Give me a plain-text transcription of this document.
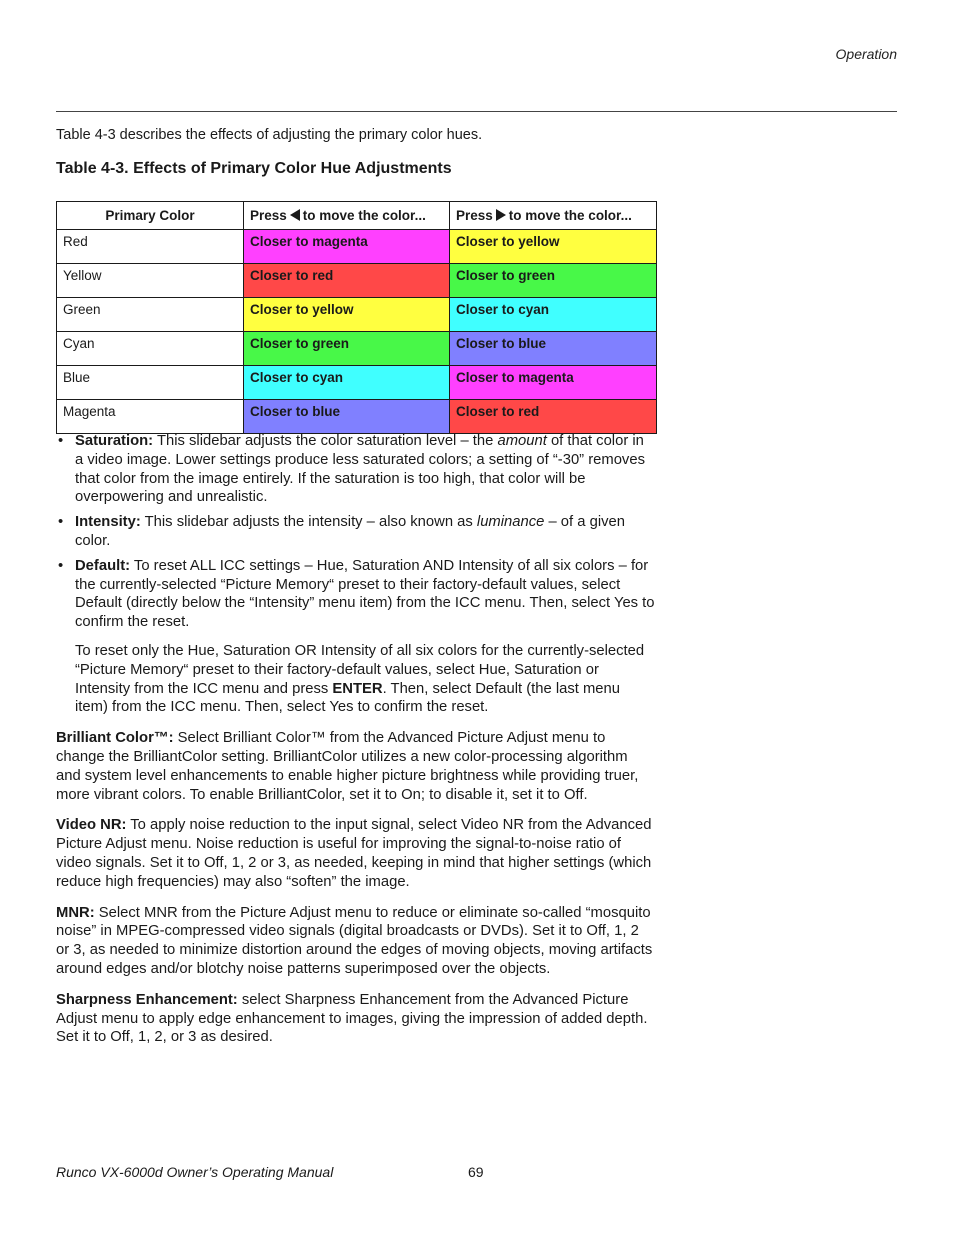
Operation
Table 4-3 describes the effects of adjusting the primary color hues.
Table 4-3. Effects of Primary Color Hue Adjustments
Primary Color	Press to move the color...	Press to move the color...
Red	Closer to magenta	Closer to yellow
Yellow	Closer to red	Closer to green
Green	Closer to yellow	Closer to cyan
Cyan	Closer to green	Closer to blue
Blue	Closer to cyan	Closer to magenta
Magenta	Closer to blue	Closer to red
• Saturation: This slidebar adjusts the color saturation level – the amount of that color in a video image. Lower settings produce less saturated colors; a setting of “-30” removes that color from the image entirely. If the saturation is too high, that color will be overpowering and unrealistic.
• Intensity: This slidebar adjusts the intensity – also known as luminance – of a given color.
• Default: To reset ALL ICC settings – Hue, Saturation AND Intensity of all six colors – for the currently-selected “Picture Memory“ preset to their factory-default values, select Default (directly below the “Intensity” menu item) from the ICC menu. Then, select Yes to confirm the reset.
To reset only the Hue, Saturation OR Intensity of all six colors for the currently-selected “Picture Memory“ preset to their factory-default values, select Hue, Saturation or Intensity from the ICC menu and press ENTER. Then, select Default (the last menu item) from the ICC menu. Then, select Yes to confirm the reset.

Brilliant Color™: Select Brilliant Color™ from the Advanced Picture Adjust menu to change the BrilliantColor setting. BrilliantColor utilizes a new color-processing algorithm and system level enhancements to enable higher picture brightness while providing truer, more vibrant colors. To enable BrilliantColor, set it to On; to disable it, set it to Off.

Video NR: To apply noise reduction to the input signal, select Video NR from the Advanced Picture Adjust menu. Noise reduction is useful for improving the signal-to-noise ratio of video signals. Set it to Off, 1, 2 or 3, as needed, keeping in mind that higher settings (which reduce high frequencies) may also “soften” the image.

MNR: Select MNR from the Picture Adjust menu to reduce or eliminate so-called “mosquito noise” in MPEG-compressed video signals (digital broadcasts or DVDs). Set it to Off, 1, 2 or 3, as needed to minimize distortion around the edges of moving objects, moving artifacts around edges and/or blotchy noise patterns superimposed over the objects.

Sharpness Enhancement: select Sharpness Enhancement from the Advanced Picture Adjust menu to apply edge enhancement to images, giving the impression of added depth. Set it to Off, 1, 2, or 3 as desired.

Runco VX-6000d Owner’s Operating Manual	69
